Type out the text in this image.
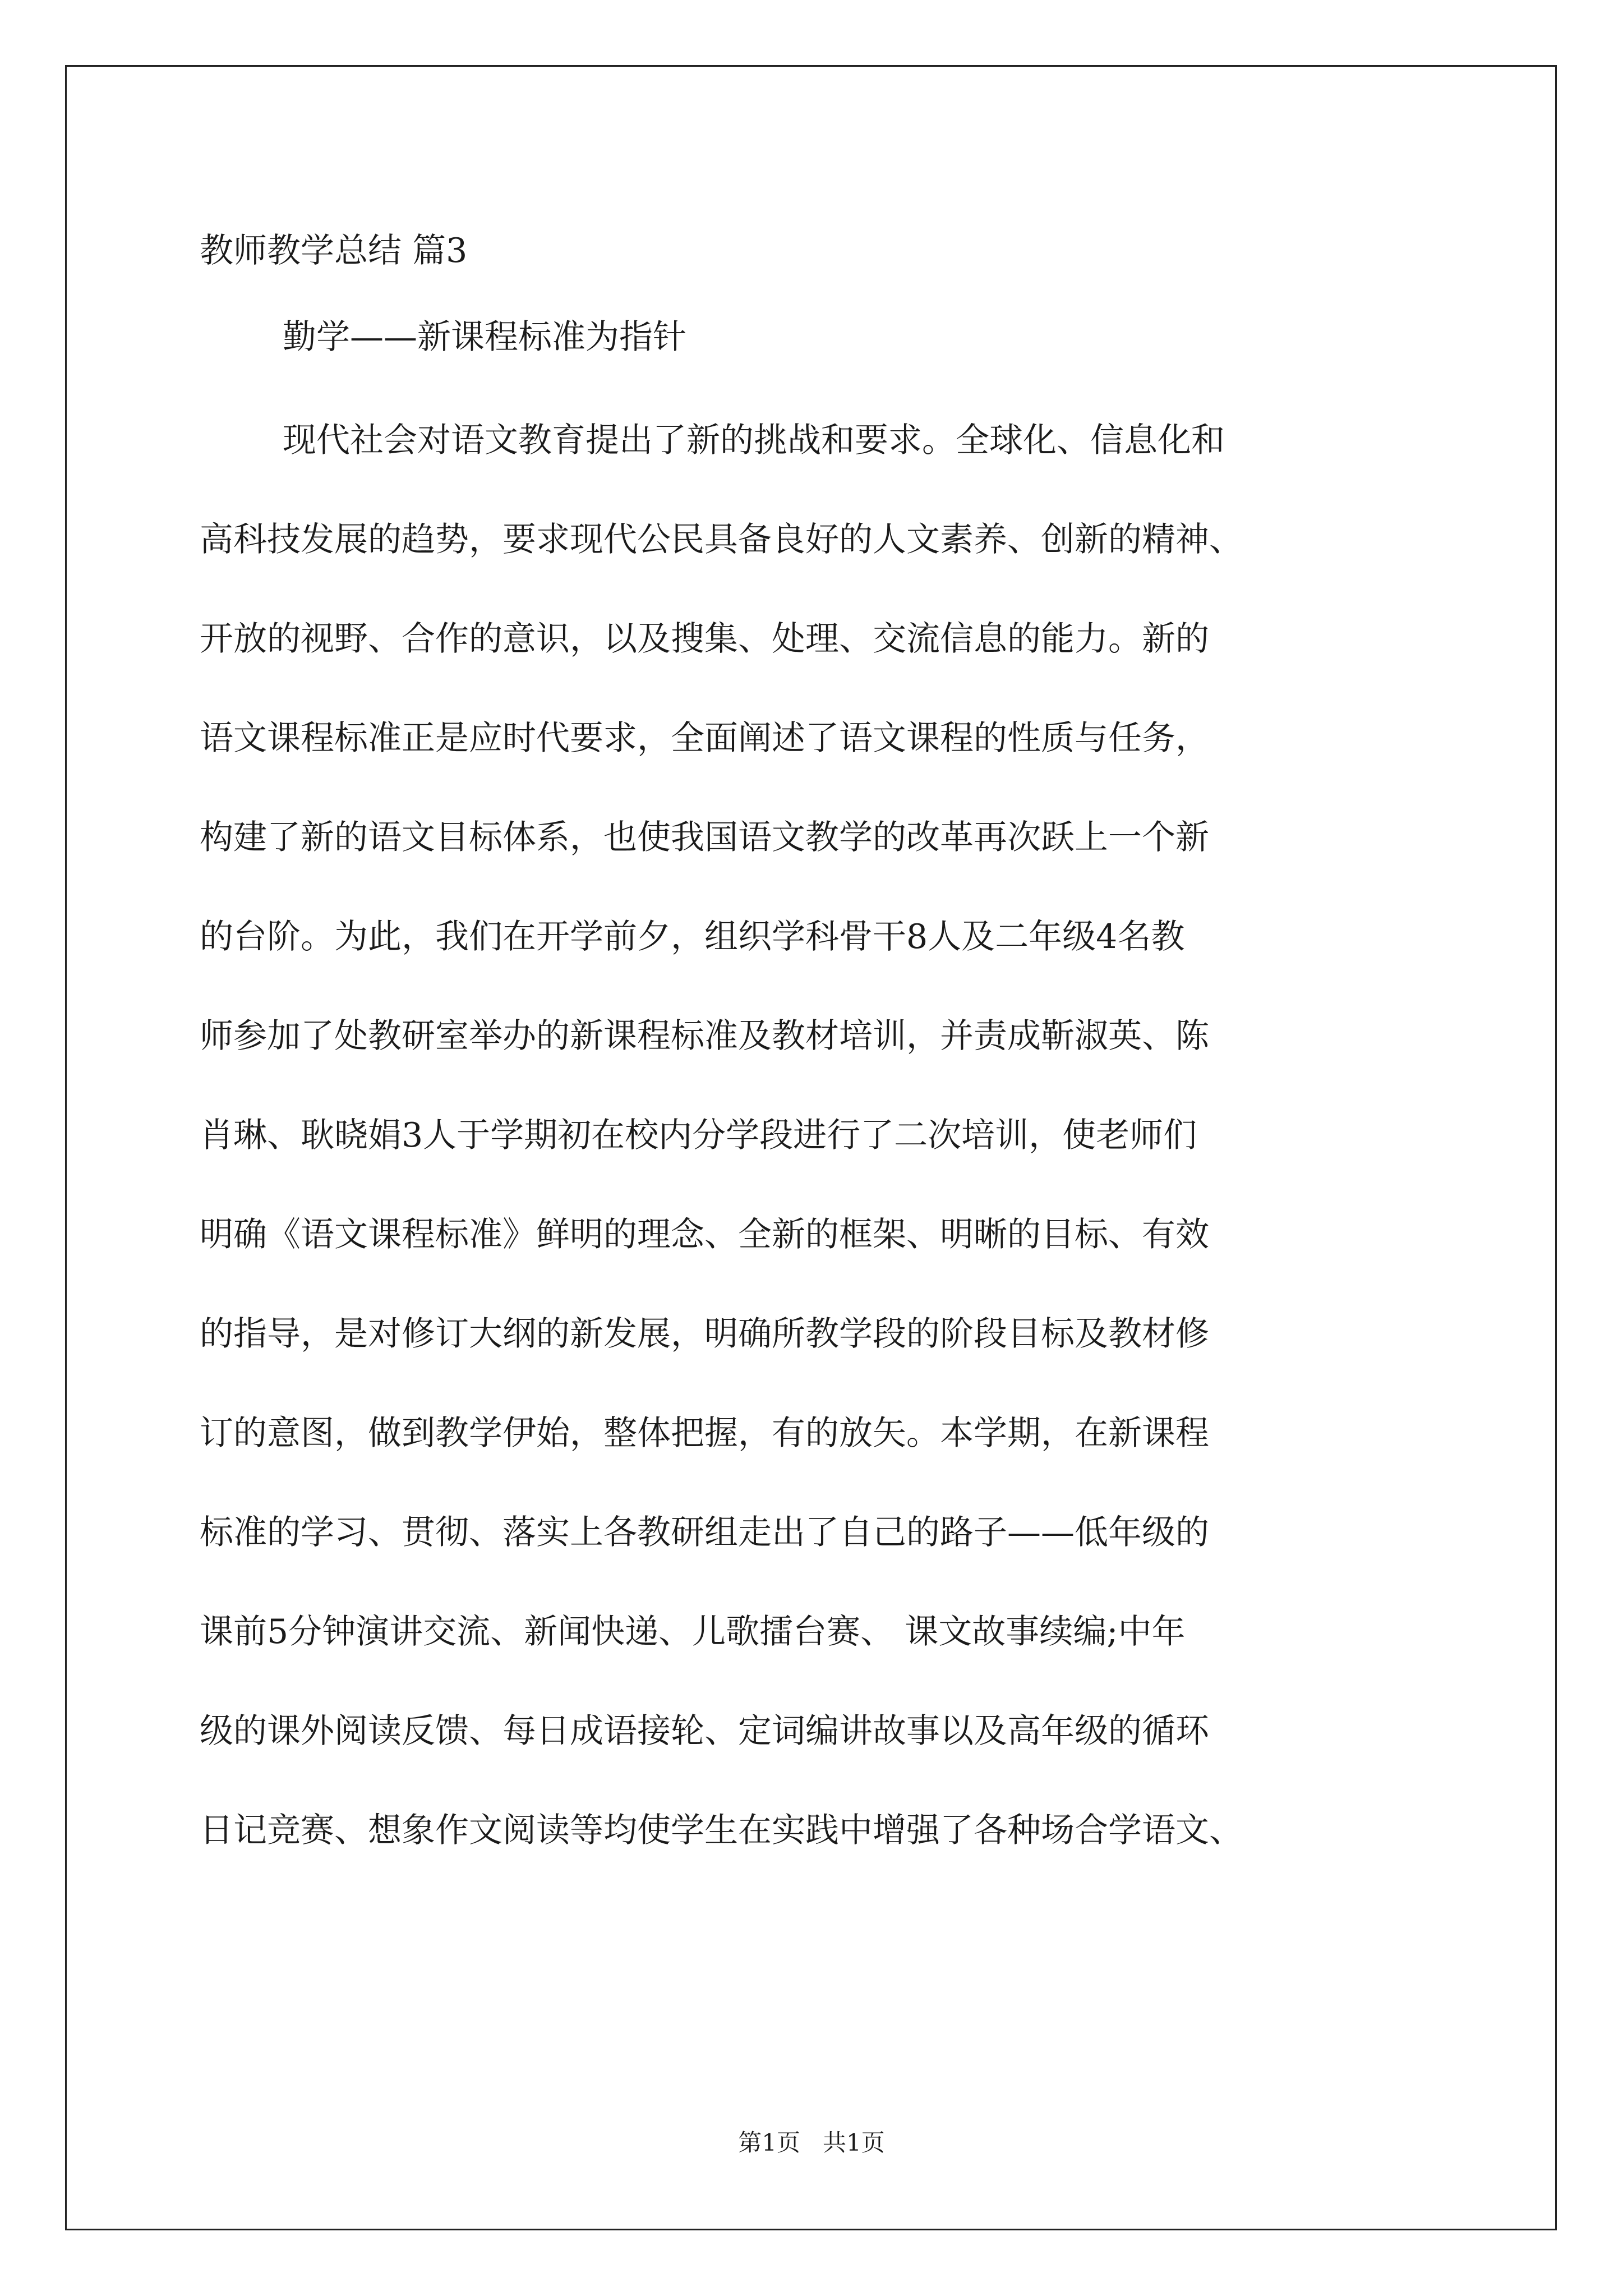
教师教学总结 篇3
勤学——新课程标准为指针
现代社会对语文教育提出了新的挑战和要求。全球化、信息化和
高科技发展的趋势，要求现代公民具备良好的人文素养、创新的精神、
开放的视野、合作的意识，以及搜集、处理、交流信息的能力。新的
语文课程标准正是应时代要求，全面阐述了语文课程的性质与任务，
构建了新的语文目标体系，也使我国语文教学的改革再次跃上一个新
的台阶。为此，我们在开学前夕，组织学科骨干8人及二年级4名教
师参加了处教研室举办的新课程标准及教材培训，并责成靳淑英、陈
肖琳、耿晓娟3人于学期初在校内分学段进行了二次培训，使老师们
明确《语文课程标准》鲜明的理念、全新的框架、明晰的目标、有效
的指导，是对修订大纲的新发展，明确所教学段的阶段目标及教材修
订的意图，做到教学伊始，整体把握，有的放矢。本学期，在新课程
标准的学习、贯彻、落实上各教研组走出了自己的路子——低年级的
课前5分钟演讲交流、新闻快递、儿歌擂台赛、 课文故事续编;中年
级的课外阅读反馈、每日成语接轮、定词编讲故事以及高年级的循环
日记竞赛、想象作文阅读等均使学生在实践中增强了各种场合学语文、
第1页   共1页
